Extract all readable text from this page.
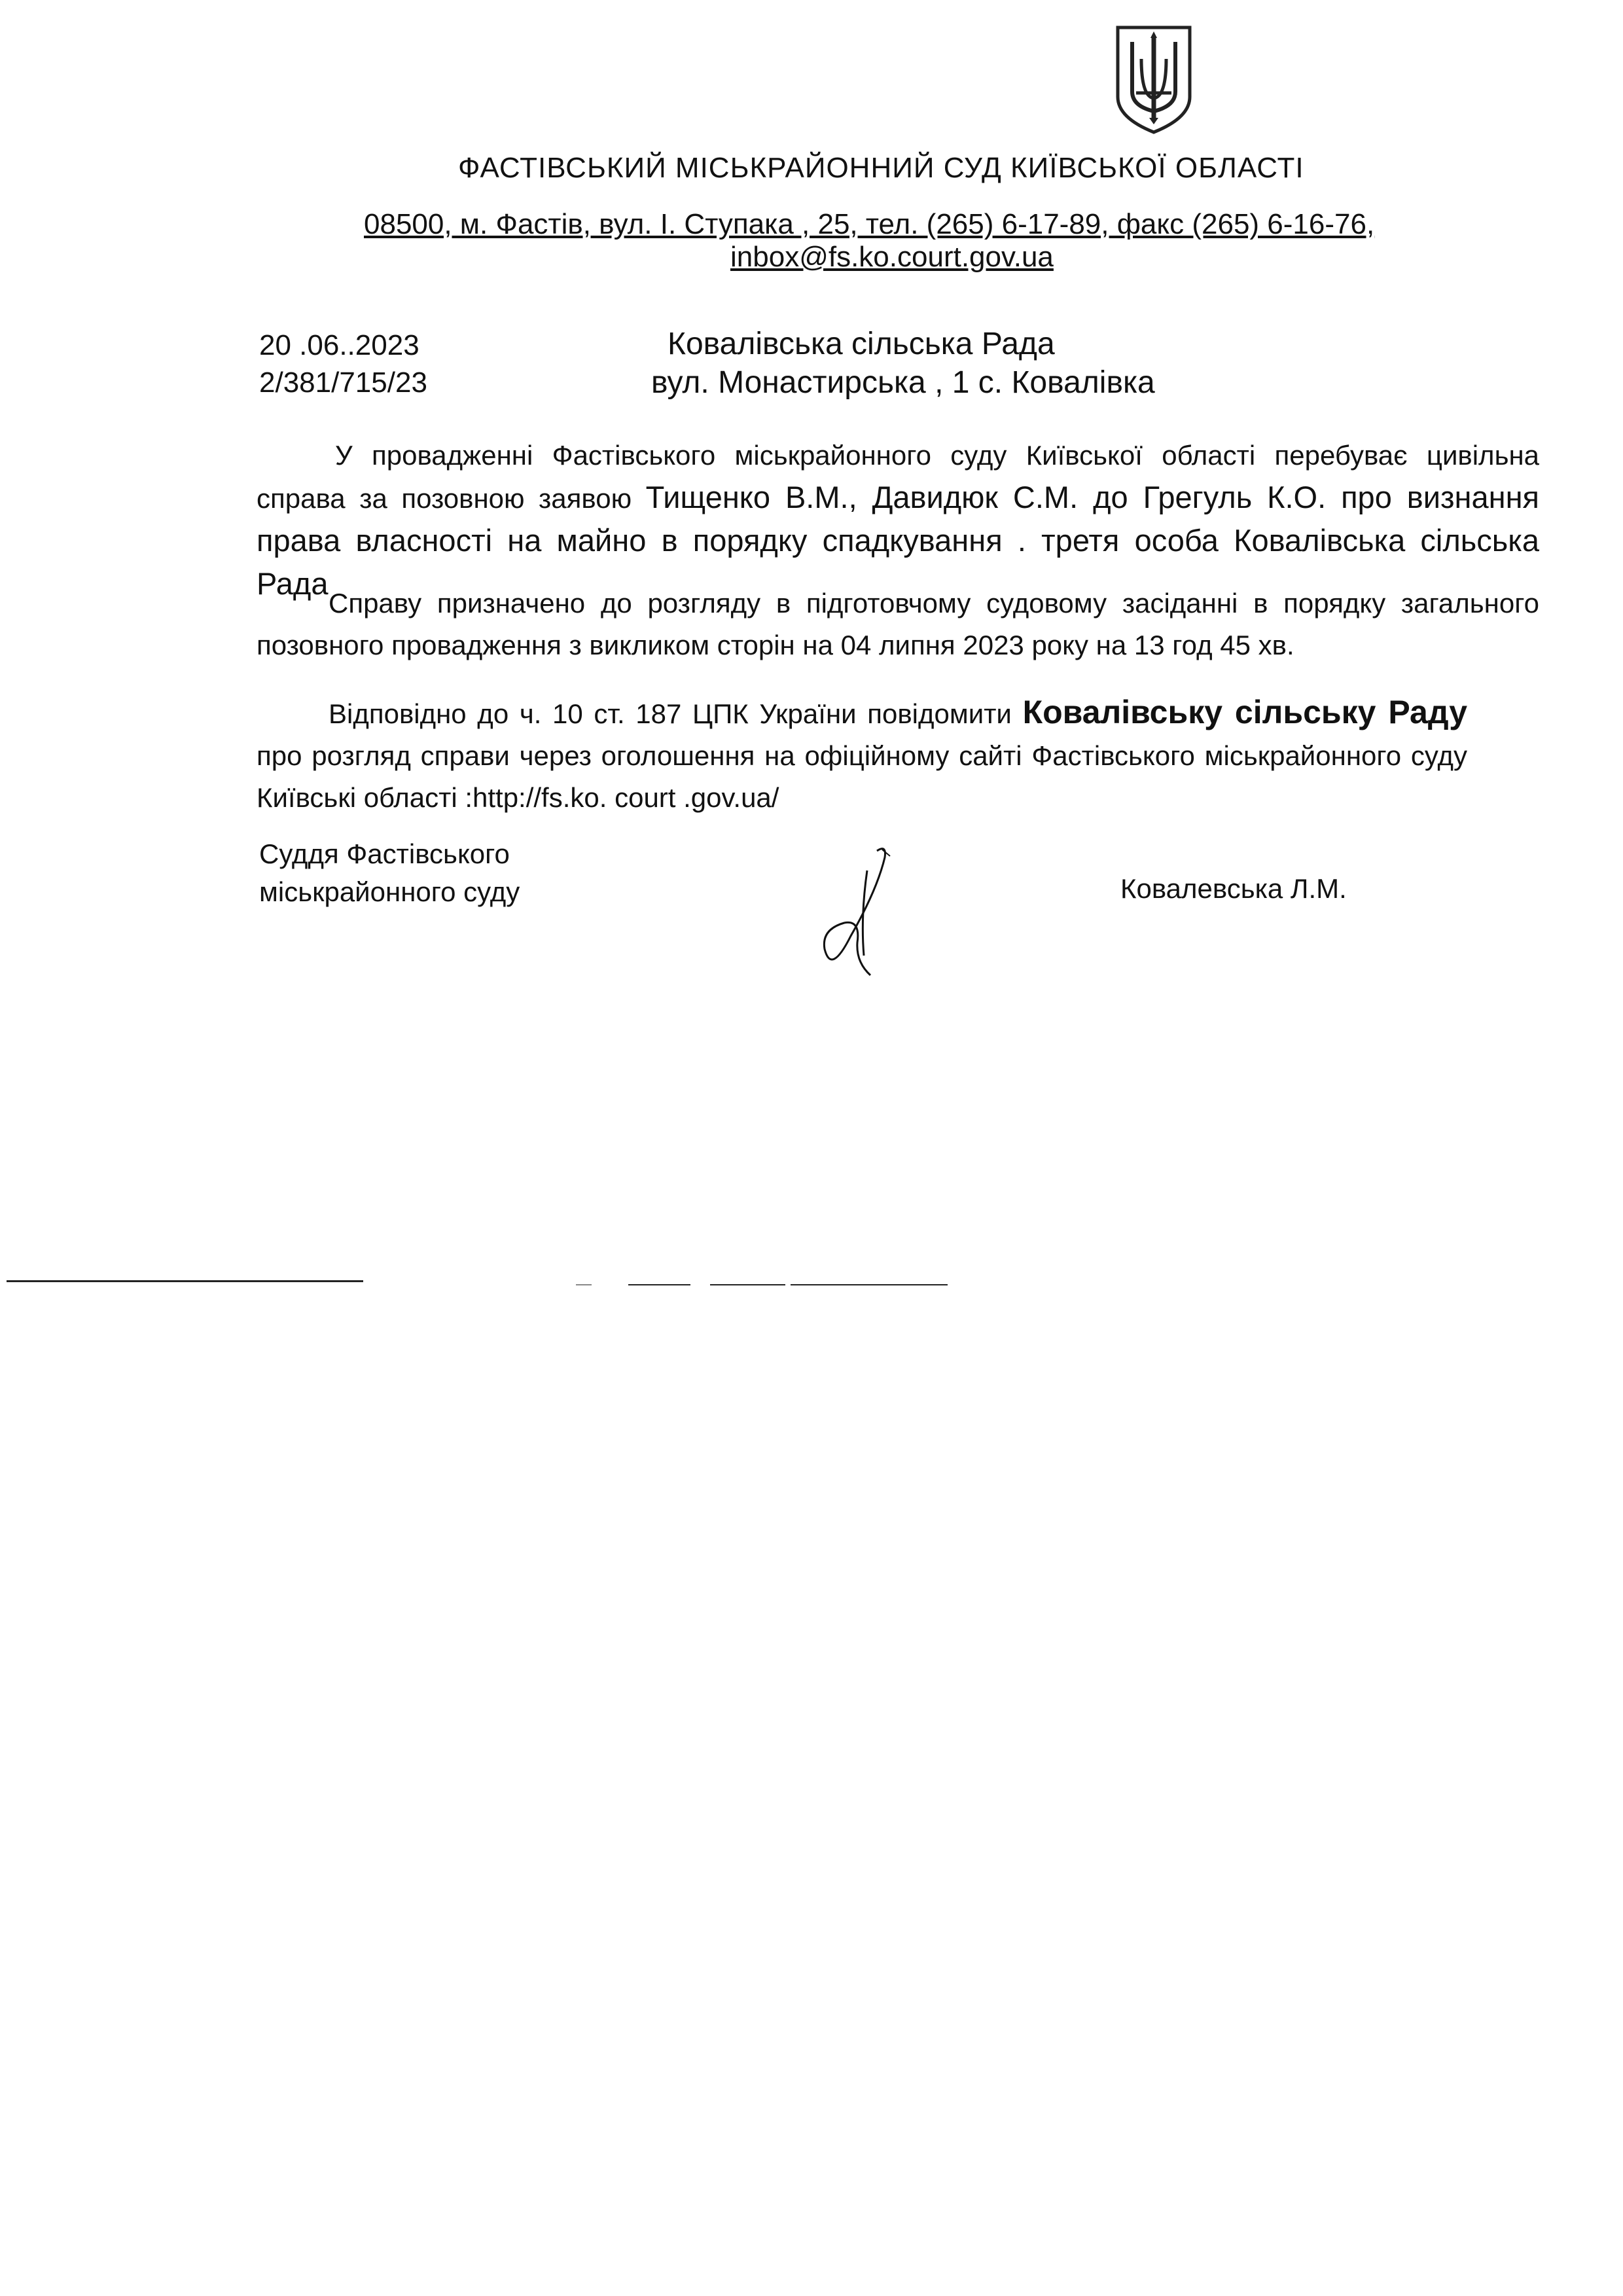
ФАСТІВСЬКИЙ МІСЬКРАЙОННИЙ СУД КИЇВСЬКОЇ ОБЛАСТІ
08500, м. Фастів, вул. І. Ступака , 25, тел. (265) 6-17-89, факс (265) 6-16-76,
inbox@fs.ko.court.gov.ua
20 .06..2023
2/381/715/23
Ковалівська сільська Рада
вул. Монастирська , 1 с. Ковалівка
У провадженні Фастівського міськрайонного суду Київської області перебуває цивільна справа за позовною заявою Тищенко В.М., Давидюк С.М. до Грегуль К.О. про визнання права власності на майно в порядку спадкування . третя особа Ковалівська сільська Рада
Справу призначено до розгляду в підготовчому судовому засіданні в порядку загального позовного провадження з викликом сторін на 04 липня 2023 року на 13 год 45 хв.
Відповідно до ч. 10 ст. 187 ЦПК України повідомити Ковалівську сільську Раду про розгляд справи через оголошення на офіційному сайті Фастівського міськрайонного суду Київські області :http://fs.ko. court .gov.ua/
Суддя Фастівського міськрайонного суду	Ковалевська Л.М.
